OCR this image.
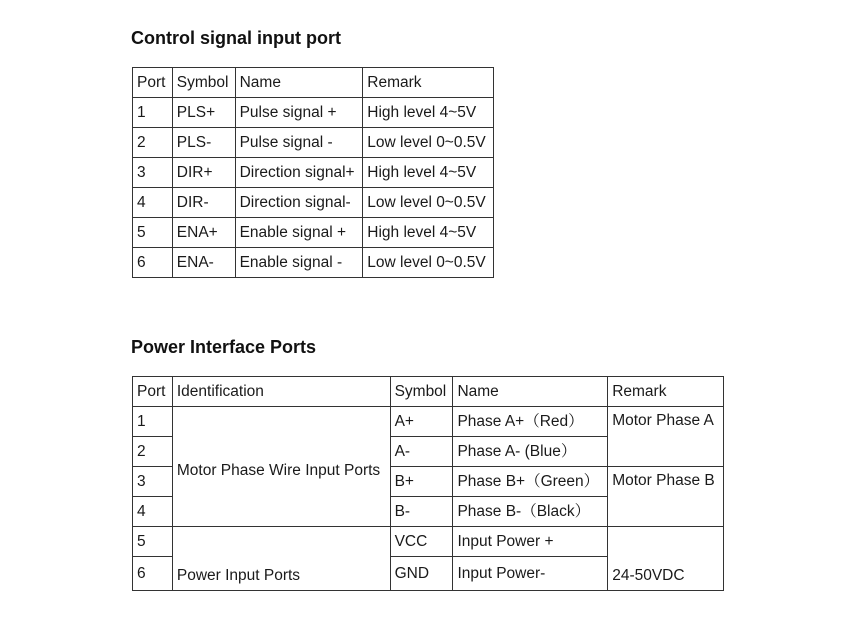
Control signal input port
Port	Symbol	Name	Remark
1	PLS+	Pulse signal +	High level 4~5V
2	PLS-	Pulse signal -	Low level 0~0.5V
3	DIR+	Direction signal+	High level 4~5V
4	DIR-	Direction signal-	Low level 0~0.5V
5	ENA+	Enable signal +	High level 4~5V
6	ENA-	Enable signal -	Low level 0~0.5V
Power Interface Ports
Port	Identification	Symbol	Name	Remark
1	Motor Phase Wire Input Ports	A+	Phase A+（Red）	Motor Phase A
2		A-	Phase A- (Blue）	
3		B+	Phase B+（Green）	Motor Phase B
4		B-	Phase B-（Black）	
5	Power Input Ports	VCC	Input Power +	24-50VDC
6		GND	Input Power-	
